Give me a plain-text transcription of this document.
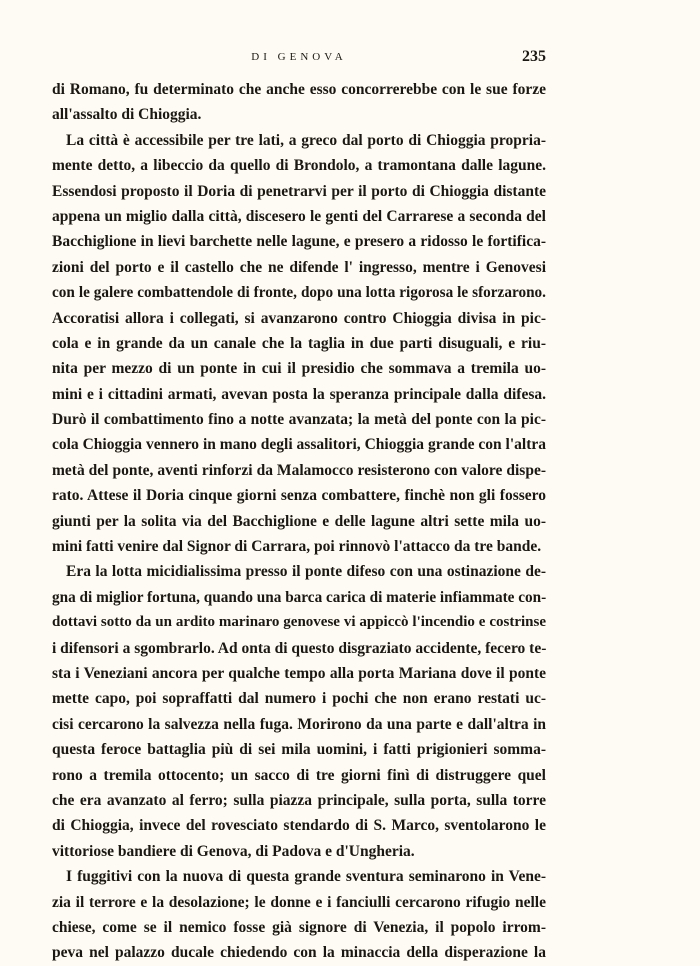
DI GENOVA	235
di Romano, fu determinato che anche esso concorrerebbe con le sue forze
all'assalto di Chioggia.
La città è accessibile per tre lati, a greco dal porto di Chioggia propria-
mente detto, a libeccio da quello di Brondolo, a tramontana dalle lagune.
Essendosi proposto il Doria di penetrarvi per il porto di Chioggia distante
appena un miglio dalla città, discesero le genti del Carrarese a seconda del
Bacchiglione in lievi barchette nelle lagune, e presero a ridosso le fortifica-
zioni del porto e il castello che ne difende l' ingresso, mentre i Genovesi
con le galere combattendole di fronte, dopo una lotta rigorosa le sforzarono.
Accoratisi allora i collegati, si avanzarono contro Chioggia divisa in pic-
cola e in grande da un canale che la taglia in due parti disuguali, e riu-
nita per mezzo di un ponte in cui il presidio che sommava a tremila uo-
mini e i cittadini armati, avevan posta la speranza principale dalla difesa.
Durò il combattimento fino a notte avanzata; la metà del ponte con la pic-
cola Chioggia vennero in mano degli assalitori, Chioggia grande con l'altra
metà del ponte, aventi rinforzi da Malamocco resisterono con valore dispe-
rato. Attese il Doria cinque giorni senza combattere, finchè non gli fossero
giunti per la solita via del Bacchiglione e delle lagune altri sette mila uo-
mini fatti venire dal Signor di Carrara, poi rinnovò l'attacco da tre bande.
Era la lotta micidialissima presso il ponte difeso con una ostinazione de-
gna di miglior fortuna, quando una barca carica di materie infiammate con-
dottavi sotto da un ardito marinaro genovese vi appiccò l'incendio e costrinse
i difensori a sgombrarlo. Ad onta di questo disgraziato accidente, fecero te-
sta i Veneziani ancora per qualche tempo alla porta Mariana dove il ponte
mette capo, poi sopraffatti dal numero i pochi che non erano restati uc-
cisi cercarono la salvezza nella fuga. Morirono da una parte e dall'altra in
questa feroce battaglia più di sei mila uomini, i fatti prigionieri somma-
rono a tremila ottocento; un sacco di tre giorni finì di distruggere quel
che era avanzato al ferro; sulla piazza principale, sulla porta, sulla torre
di Chioggia, invece del rovesciato stendardo di S. Marco, sventolarono le
vittoriose bandiere di Genova, di Padova e d'Ungheria.
I fuggitivi con la nuova di questa grande sventura seminarono in Vene-
zia il terrore e la desolazione; le donne e i fanciulli cercarono rifugio nelle
chiese, come se il nemico fosse già signore di Venezia, il popolo irrom-
peva nel palazzo ducale chiedendo con la minaccia della disperazione la
